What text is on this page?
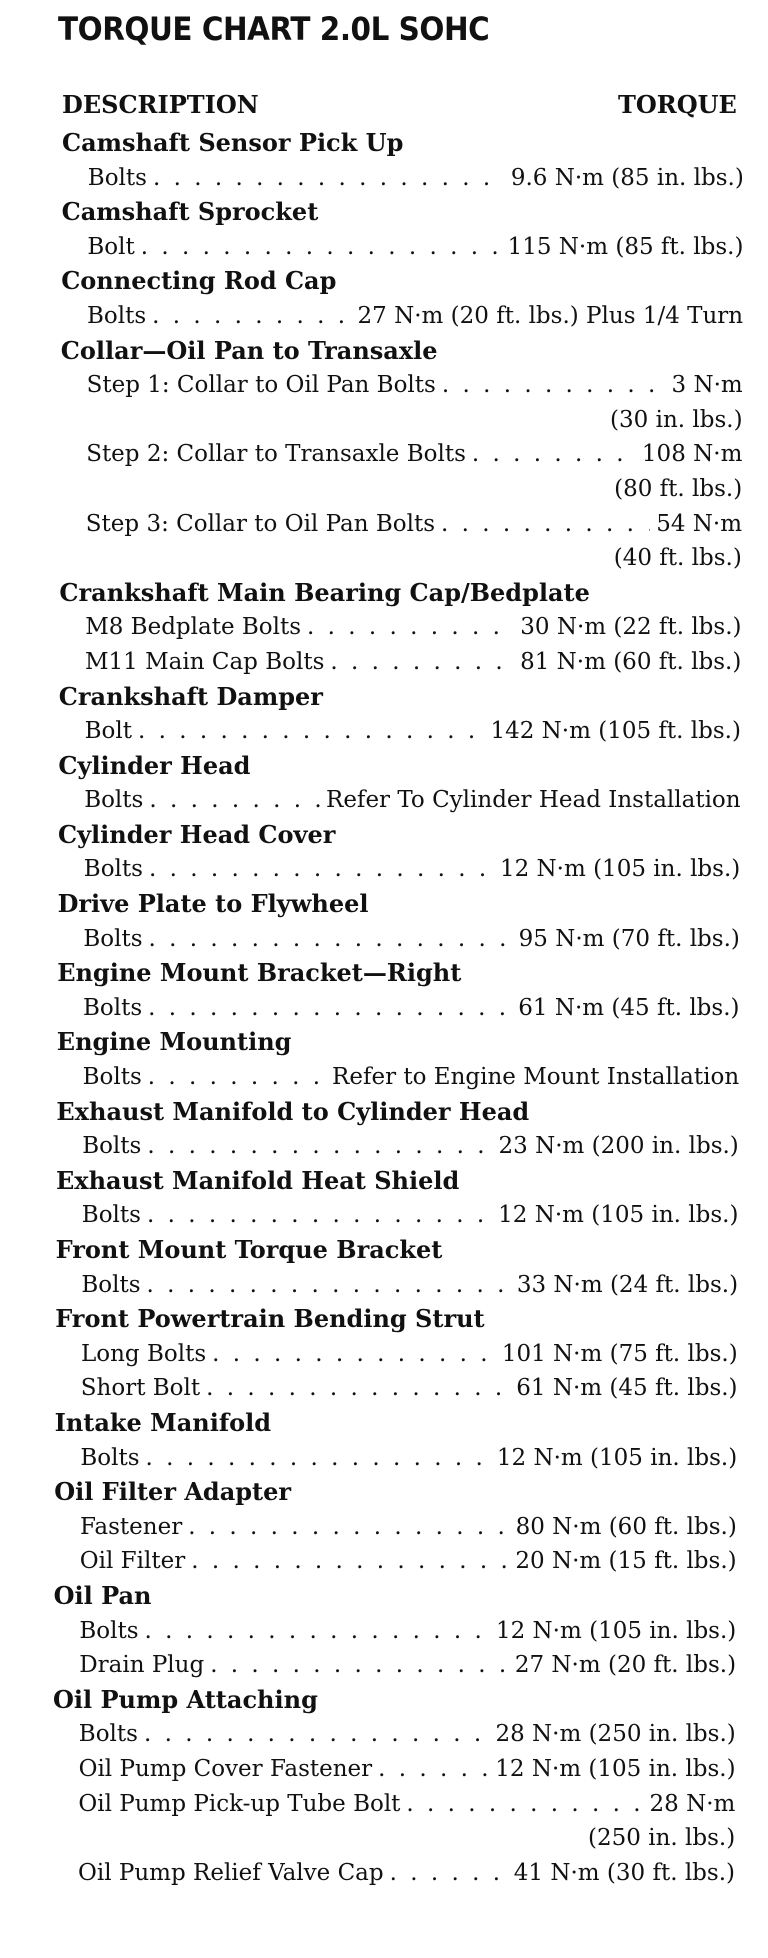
TORQUE CHART 2.0L SOHC
DESCRIPTION	TORQUE
Camshaft Sensor Pick Up
Bolts . . .	9.6 N·m (85 in. lbs.)
Camshaft Sprocket
Bolt . . .	115 N·m (85 ft. lbs.)
Connecting Rod Cap
Bolts . . .	27 N·m (20 ft. lbs.) Plus 1/4 Turn
Collar—Oil Pan to Transaxle
Step 1: Collar to Oil Pan Bolts . . .	3 N·m
(30 in. lbs.)
Step 2: Collar to Transaxle Bolts . . .	108 N·m
(80 ft. lbs.)
Step 3: Collar to Oil Pan Bolts . . .	54 N·m
(40 ft. lbs.)
Crankshaft Main Bearing Cap/Bedplate
M8 Bedplate Bolts . . .	30 N·m (22 ft. lbs.)
M11 Main Cap Bolts . . .	81 N·m (60 ft. lbs.)
Crankshaft Damper
Bolt . . .	142 N·m (105 ft. lbs.)
Cylinder Head
Bolts . . .	Refer To Cylinder Head Installation
Cylinder Head Cover
Bolts . . .	12 N·m (105 in. lbs.)
Drive Plate to Flywheel
Bolts . . .	95 N·m (70 ft. lbs.)
Engine Mount Bracket—Right
Bolts . . .	61 N·m (45 ft. lbs.)
Engine Mounting
Bolts . . .	Refer to Engine Mount Installation
Exhaust Manifold to Cylinder Head
Bolts . . .	23 N·m (200 in. lbs.)
Exhaust Manifold Heat Shield
Bolts . . .	12 N·m (105 in. lbs.)
Front Mount Torque Bracket
Bolts . . .	33 N·m (24 ft. lbs.)
Front Powertrain Bending Strut
Long Bolts . . .	101 N·m (75 ft. lbs.)
Short Bolt . . .	61 N·m (45 ft. lbs.)
Intake Manifold
Bolts . . .	12 N·m (105 in. lbs.)
Oil Filter Adapter
Fastener . . .	80 N·m (60 ft. lbs.)
Oil Filter . . .	20 N·m (15 ft. lbs.)
Oil Pan
Bolts . . .	12 N·m (105 in. lbs.)
Drain Plug . . .	27 N·m (20 ft. lbs.)
Oil Pump Attaching
Bolts . . .	28 N·m (250 in. lbs.)
Oil Pump Cover Fastener . . .	12 N·m (105 in. lbs.)
Oil Pump Pick-up Tube Bolt . . .	28 N·m
(250 in. lbs.)
Oil Pump Relief Valve Cap . . .	41 N·m (30 ft. lbs.)
